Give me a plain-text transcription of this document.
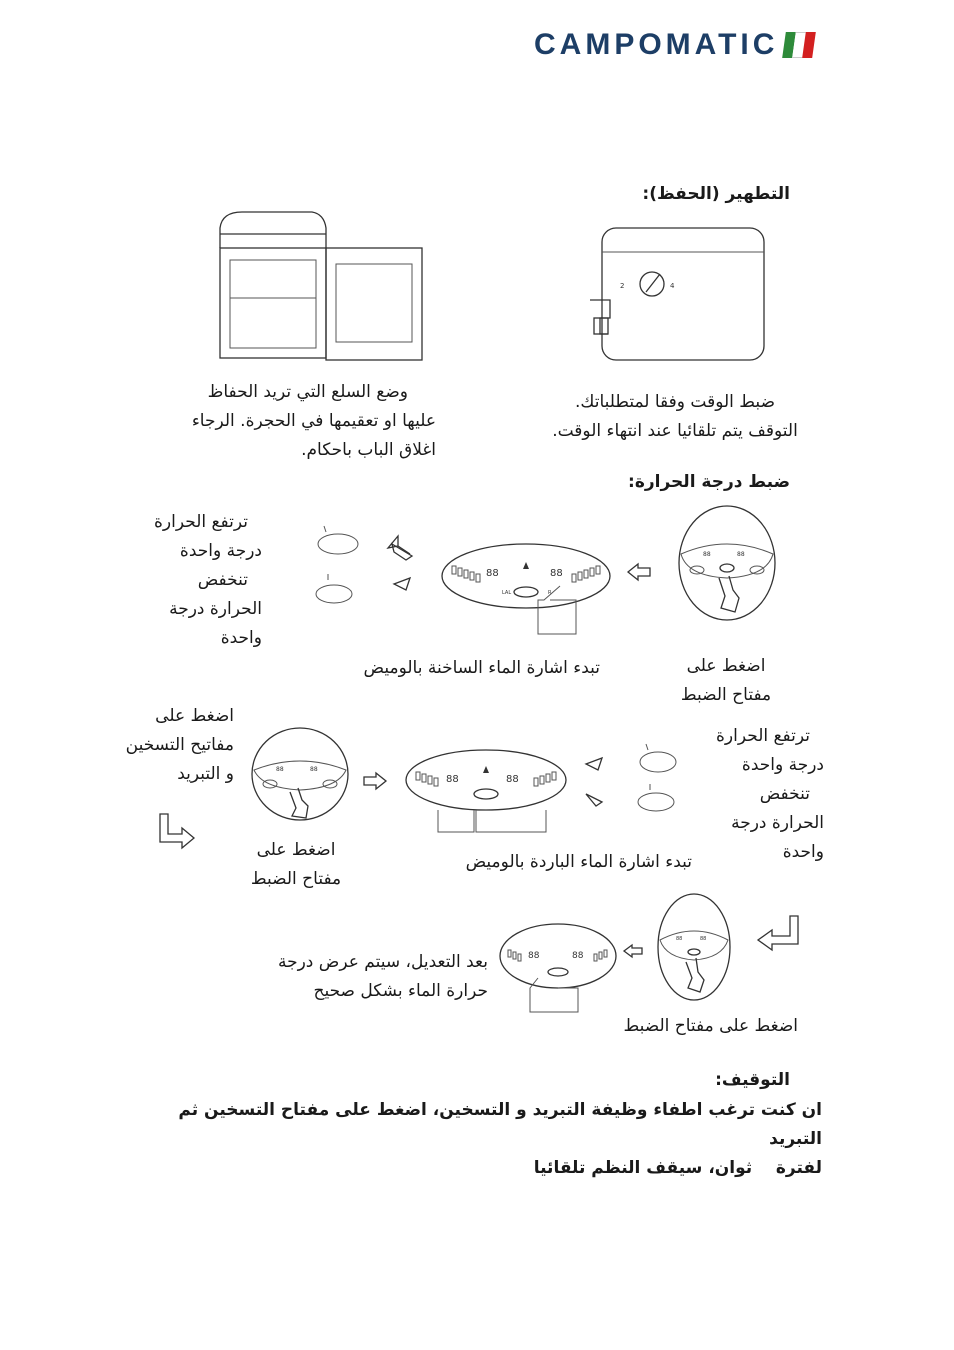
CAMPOMATIC
التطهير (الحفظ):
2	4
ضبط الوقت وفقا لمتطلباتك.
التوقف يتم تلقائيا عند انتهاء الوقت.
وضع السلع التي تريد الحفاظ
عليها او تعقيمها في الحجرة. الرجاء
اغلاق الباب باحكام.
ضبط درجة الحرارة:
88	88
88	88
LAL	R
ترتفع الحرارة
درجة واحدة
تنخفض
الحرارة درجة
واحدة
تبدء اشارة الماء الساخنة بالوميض	اضغط على
مفتاح الضبط
اضغط على
مفاتيح التسخين
و التبريد	88	88
88	88
ترتفع الحرارة
درجة واحدة
تنخفض
الحرارة درجة
واحدة
اضغط على
مفتاح الضبط
تبدء اشارة الماء الباردة بالوميض
88	88
88	88
بعد التعديل، سيتم عرض درجة
حرارة الماء بشكل صحيح
اضغط على مفتاح الضبط
التوقيف:
ان كنت ترغب اطفاء وظيفة التبريد و التسخين، اضغط على مفتاح التسخين ثم التبريد
لفترة    ثوان، سيقف النظم تلقائيا
